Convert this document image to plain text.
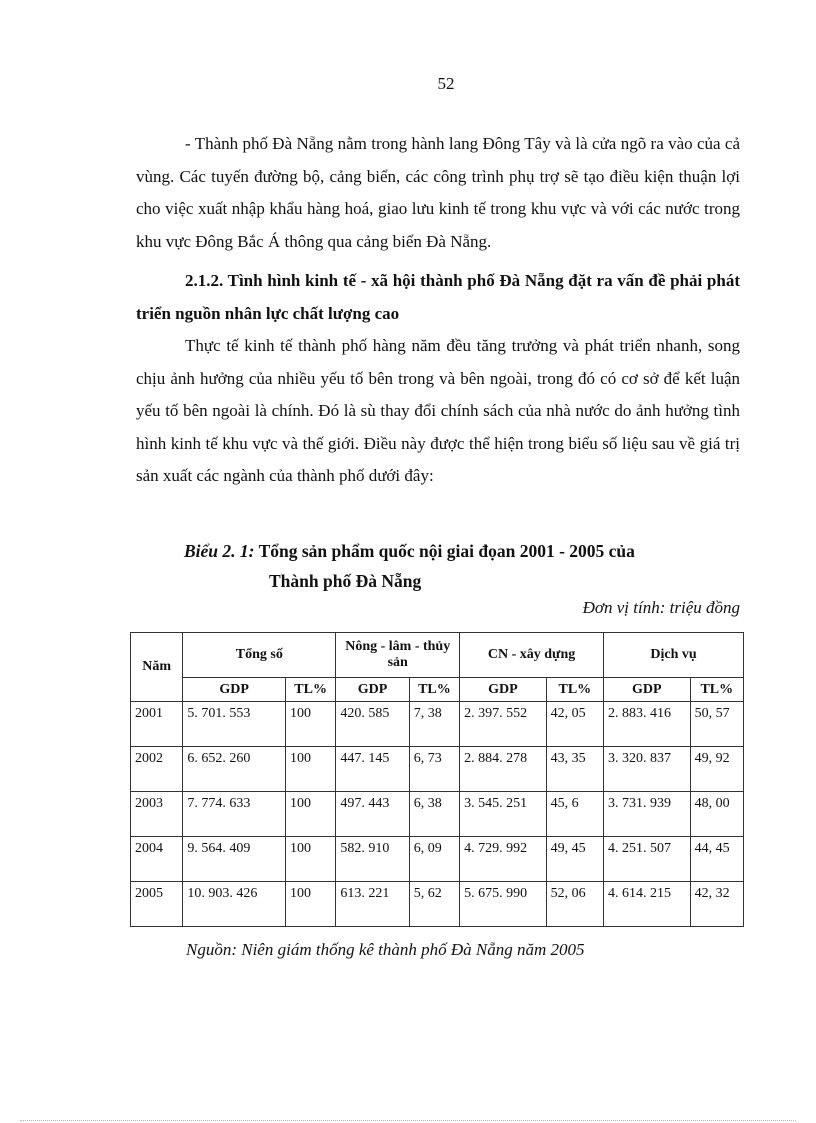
52

- Thành phố Đà Nẵng nằm trong hành lang Đông Tây và là cửa ngõ ra vào của cả vùng. Các tuyến đường bộ, cảng biển, các công trình phụ trợ sẽ tạo điều kiện thuận lợi cho việc xuất nhập khẩu hàng hoá, giao lưu kinh tế trong khu vực và với các nước trong khu vực Đông Bắc Á thông qua cảng biển Đà Nẵng.

2.1.2. Tình hình kinh tế - xã hội thành phố Đà Nẵng đặt ra vấn đề phải phát triển nguồn nhân lực chất lượng cao

Thực tế kinh tế thành phố hàng năm đều tăng trưởng và phát triển nhanh, song chịu ảnh hưởng của nhiều yếu tố bên trong và bên ngoài, trong đó có cơ sở để kết luận yếu tố bên ngoài là chính. Đó là sù thay đổi chính sách của nhà nước do ảnh hưởng tình hình kinh tế khu vực và thế giới. Điều này được thể hiện trong biểu số liệu sau về giá trị sản xuất các ngành của thành phố dưới đây:

Biểu 2. 1: Tổng sản phẩm quốc nội giai đọan 2001 - 2005 của
Thành phố Đà Nẵng

Đơn vị tính: triệu đồng
Năm	Tổng số		Nông - lâm - thủy sản		CN - xây dựng		Dịch vụ	
	GDP	TL%	GDP	TL%	GDP	TL%	GDP	TL%
2001	5. 701. 553	100	420. 585	7, 38	2. 397. 552	42, 05	2. 883. 416	50, 57
2002	6. 652. 260	100	447. 145	6, 73	2. 884. 278	43, 35	3. 320. 837	49, 92
2003	7. 774. 633	100	497. 443	6, 38	3. 545. 251	45, 6	3. 731. 939	48, 00
2004	9. 564. 409	100	582. 910	6, 09	4. 729. 992	49, 45	4. 251. 507	44, 45
2005	10. 903. 426	100	613. 221	5, 62	5. 675. 990	52, 06	4. 614. 215	42, 32
Nguồn: Niên giám thống kê thành phố Đà Nẵng năm 2005
